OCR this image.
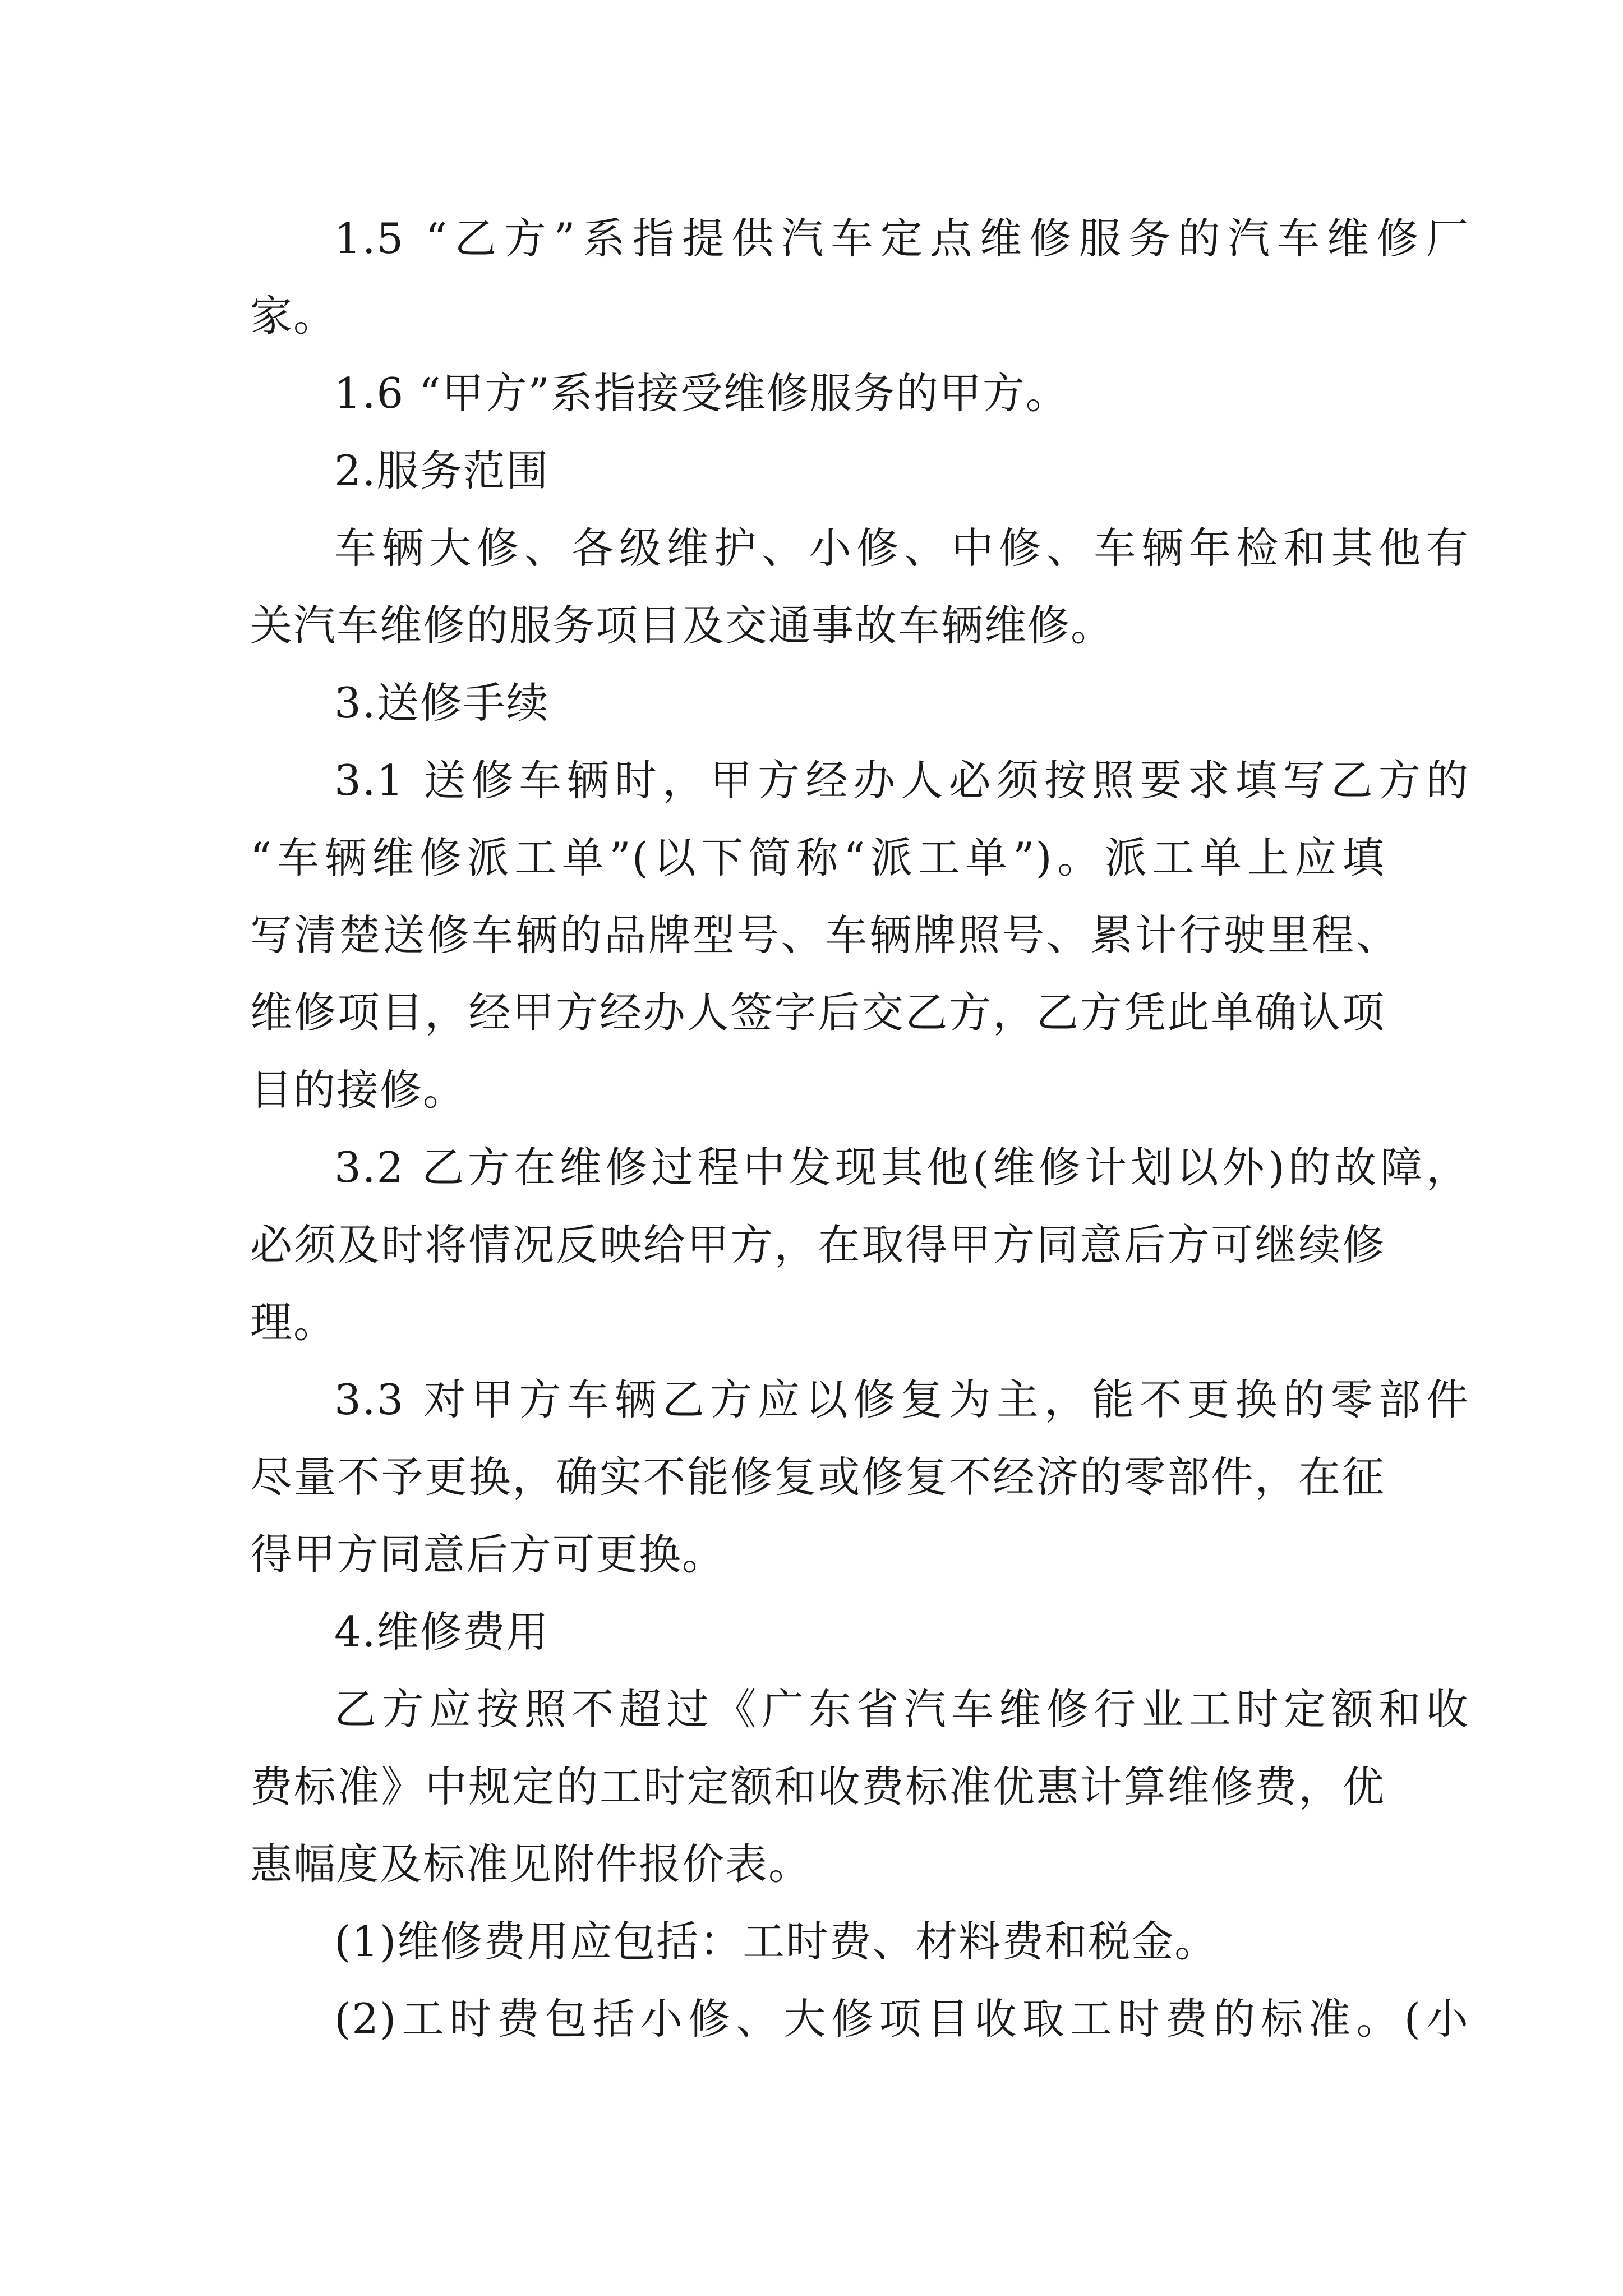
1.5 “乙方”系指提供汽车定点维修服务的汽车维修厂
家。
1.6 “甲方”系指接受维修服务的甲方。
2.服务范围
车辆大修、各级维护、小修、中修、车辆年检和其他有
关汽车维修的服务项目及交通事故车辆维修。
3.送修手续
3.1 送修车辆时，甲方经办人必须按照要求填写乙方的
“车辆维修派工单”(以下简称“派工单”)。派工单上应填
写清楚送修车辆的品牌型号、车辆牌照号、累计行驶里程、
维修项目，经甲方经办人签字后交乙方，乙方凭此单确认项
目的接修。
3.2 乙方在维修过程中发现其他(维修计划以外)的故障，
必须及时将情况反映给甲方，在取得甲方同意后方可继续修
理。
3.3 对甲方车辆乙方应以修复为主，能不更换的零部件
尽量不予更换，确实不能修复或修复不经济的零部件，在征
得甲方同意后方可更换。
4.维修费用
乙方应按照不超过《广东省汽车维修行业工时定额和收
费标准》中规定的工时定额和收费标准优惠计算维修费，优
惠幅度及标准见附件报价表。
(1)维修费用应包括：工时费、材料费和税金。
(2)工时费包括小修、大修项目收取工时费的标准。(小
